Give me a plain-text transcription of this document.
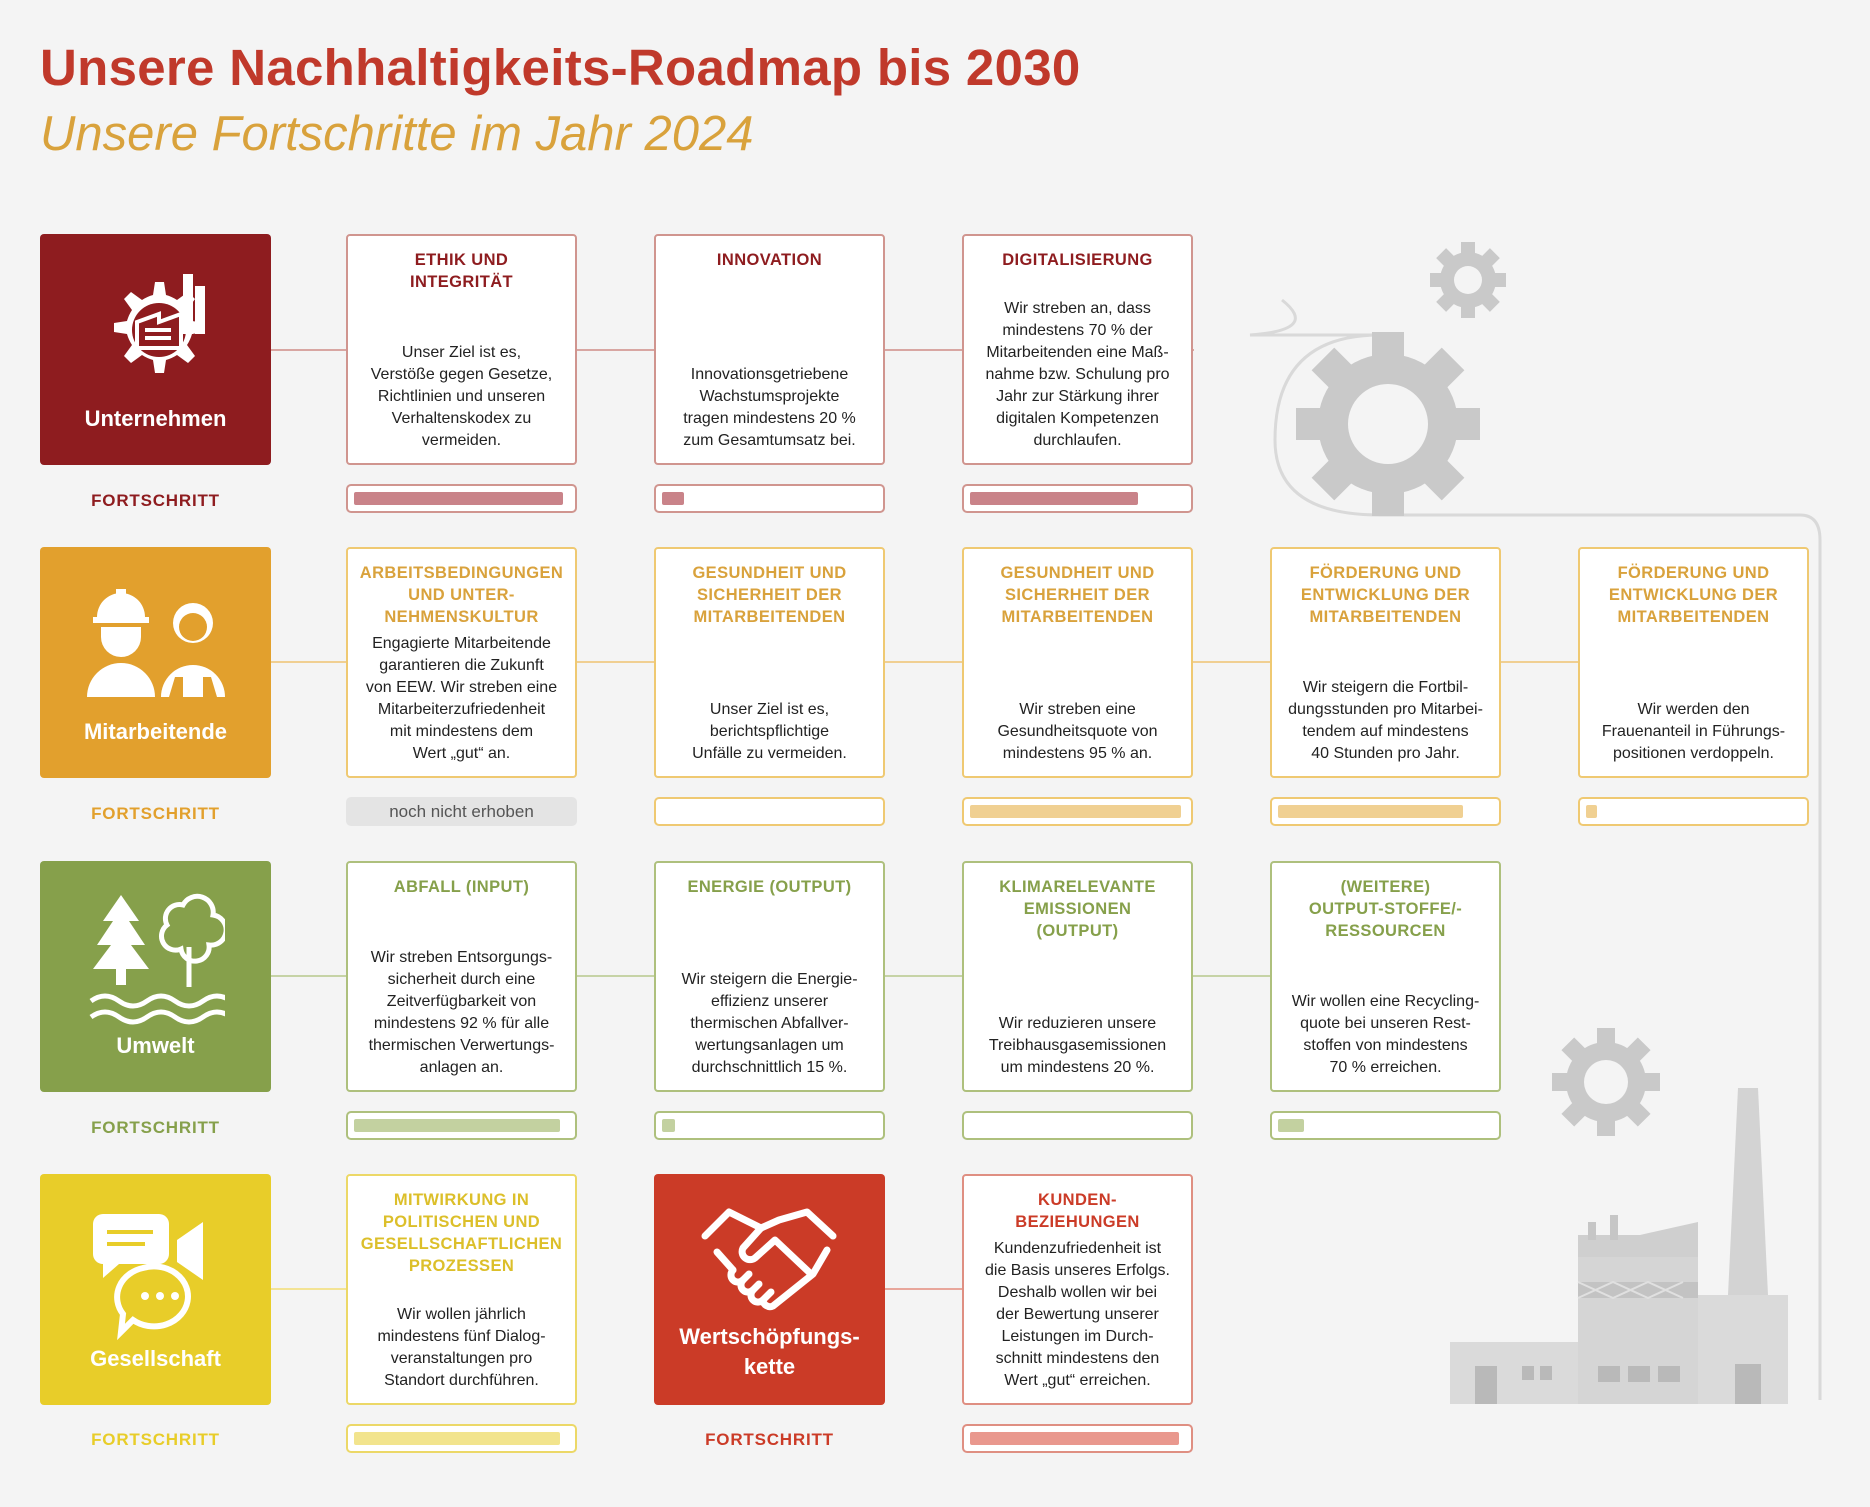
Unsere Nachhaltigkeits-Roadmap bis 2030
Unsere Fortschritte im Jahr 2024
Unternehmen
FORTSCHRITT
Mitarbeitende
FORTSCHRITT
Umwelt
FORTSCHRITT
Gesellschaft
FORTSCHRITT
Wertschöpfungs-
kette
FORTSCHRITT
ETHIK UND
INTEGRITÄT
Unser Ziel ist es,
Verstöße gegen Gesetze,
Richtlinien und unseren
Verhaltenskodex zu
vermeiden.
INNOVATION
Innovationsgetriebene
Wachstumsprojekte
tragen mindestens 20 %
zum Gesamtumsatz bei.
DIGITALISIERUNG
Wir streben an, dass
mindestens 70 % der
Mitarbeitenden eine Maß-
nahme bzw. Schulung pro
Jahr zur Stärkung ihrer
digitalen Kompetenzen
durchlaufen.
ARBEITSBEDINGUNGEN
UND UNTER-
NEHMENSKULTUR
Engagierte Mitarbeitende
garantieren die Zukunft
von EEW. Wir streben eine
Mitarbeiterzufriedenheit
mit mindestens dem
Wert „gut“ an.
noch nicht erhoben
GESUNDHEIT UND
SICHERHEIT DER
MITARBEITENDEN
Unser Ziel ist es,
berichtspflichtige
Unfälle zu vermeiden.
GESUNDHEIT UND
SICHERHEIT DER
MITARBEITENDEN
Wir streben eine
Gesundheitsquote von
mindestens 95 % an.
FÖRDERUNG UND
ENTWICKLUNG DER
MITARBEITENDEN
Wir steigern die Fortbil-
dungsstunden pro Mitarbei-
tendem auf mindestens
40 Stunden pro Jahr.
FÖRDERUNG UND
ENTWICKLUNG DER
MITARBEITENDEN
Wir werden den
Frauenanteil in Führungs-
positionen verdoppeln.
ABFALL (INPUT)
Wir streben Entsorgungs-
sicherheit durch eine
Zeitverfügbarkeit von
mindestens 92 % für alle
thermischen Verwertungs-
anlagen an.
ENERGIE (OUTPUT)
Wir steigern die Energie-
effizienz unserer
thermischen Abfallver-
wertungsanlagen um
durchschnittlich 15 %.
KLIMARELEVANTE
EMISSIONEN
(OUTPUT)
Wir reduzieren unsere
Treibhausgasemissionen
um mindestens 20 %.
(WEITERE)
OUTPUT-STOFFE/-
RESSOURCEN
Wir wollen eine Recycling-
quote bei unseren Rest-
stoffen von mindestens
70 % erreichen.
MITWIRKUNG IN
POLITISCHEN UND
GESELLSCHAFTLICHEN
PROZESSEN
Wir wollen jährlich
mindestens fünf Dialog-
veranstaltungen pro
Standort durchführen.
KUNDEN-
BEZIEHUNGEN
Kundenzufriedenheit ist
die Basis unseres Erfolgs.
Deshalb wollen wir bei
der Bewertung unserer
Leistungen im Durch-
schnitt mindestens den
Wert „gut“ erreichen.
